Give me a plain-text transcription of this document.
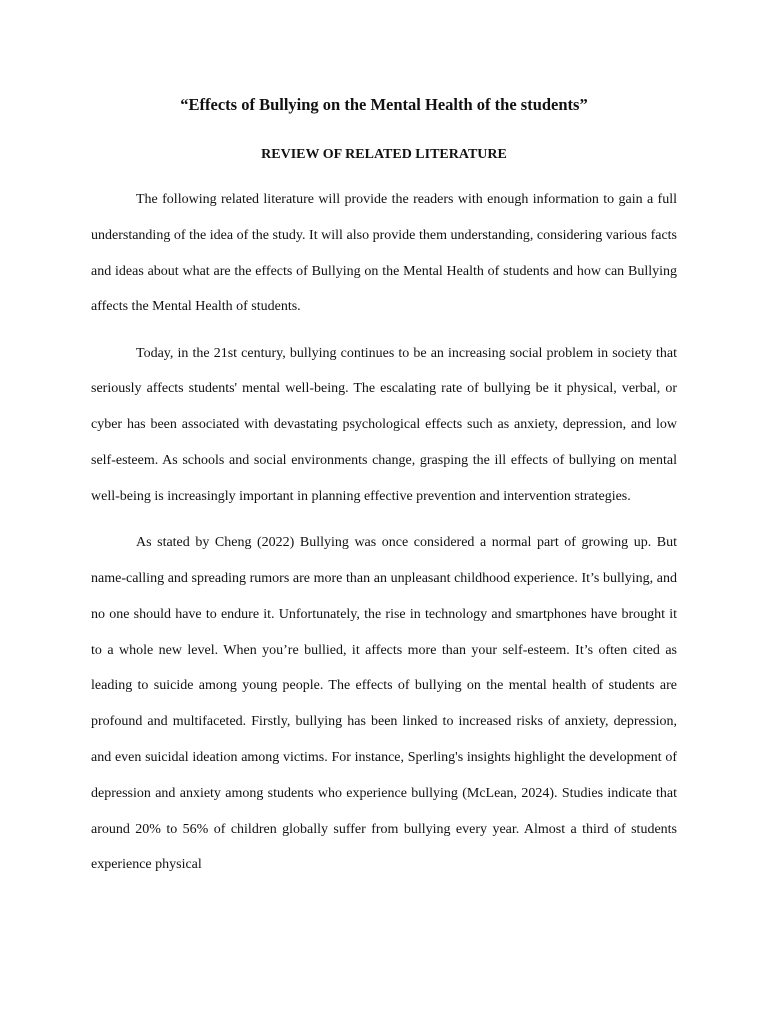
“Effects of Bullying on the Mental Health of the students”
REVIEW OF RELATED LITERATURE

The following related literature will provide the readers with enough information to gain a full understanding of the idea of the study. It will also provide them understanding, considering various facts and ideas about what are the effects of Bullying on the Mental Health of students and how can Bullying affects the Mental Health of students.

Today, in the 21st century, bullying continues to be an increasing social problem in society that seriously affects students' mental well-being. The escalating rate of bullying be it physical, verbal, or cyber has been associated with devastating psychological effects such as anxiety, depression, and low self-esteem. As schools and social environments change, grasping the ill effects of bullying on mental well-being is increasingly important in planning effective prevention and intervention strategies.

As stated by Cheng (2022) Bullying was once considered a normal part of growing up. But name-calling and spreading rumors are more than an unpleasant childhood experience. It’s bullying, and no one should have to endure it. Unfortunately, the rise in technology and smartphones have brought it to a whole new level. When you’re bullied, it affects more than your self-esteem. It’s often cited as leading to suicide among young people. The effects of bullying on the mental health of students are profound and multifaceted. Firstly, bullying has been linked to increased risks of anxiety, depression, and even suicidal ideation among victims. For instance, Sperling's insights highlight the development of depression and anxiety among students who experience bullying (McLean, 2024). Studies indicate that around 20% to 56% of children globally suffer from bullying every year. Almost a third of students experience physical
